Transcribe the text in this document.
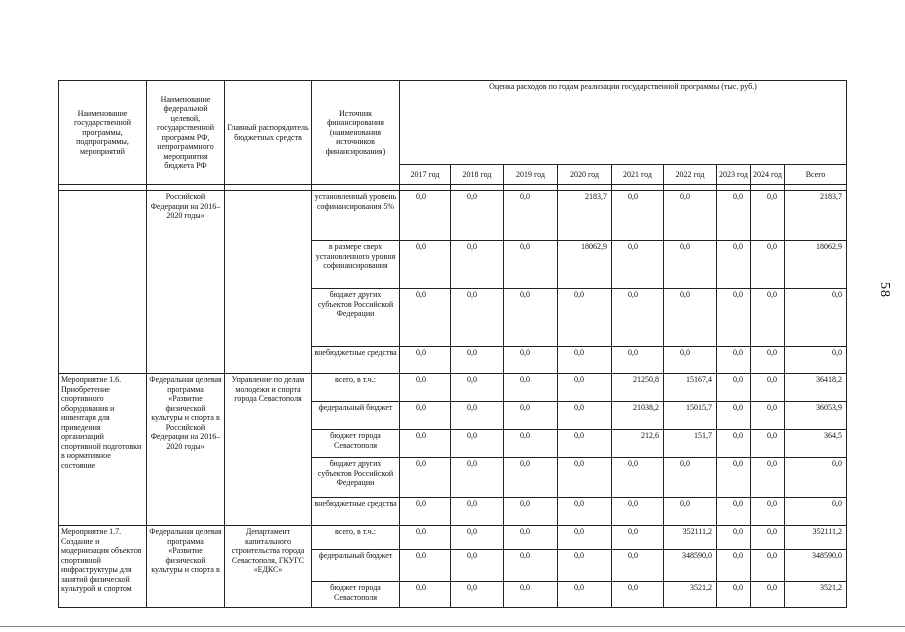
58
Наименование государственной программы, подпрограммы, мероприятий	Наименование федеральной целевой, государственной программ РФ, непрограммного мероприятия бюджета РФ	Главный распорядитель бюджетных средств	Источник финансирования (наименования источников финансирования)	Оценка расходов по годам реализации государственной программы (тыс. руб.)								
				2017 год	2018 год	2019 год	2020 год	2021 год	2022 год	2023 год	2024 год	Всего

	Российской Федерации на 2016–2020 годы»		установленный уровень софинансирования 5%	0,0	0,0	0,0	2183,7	0,0	0,0	0,0	0,0	2183,7
			в размере сверх установленного уровня софинансирования	0,0	0,0	0,0	18062,9	0,0	0,0	0,0	0,0	18062,9
			бюджет других субъектов Российской Федерации	0,0	0,0	0,0	0,0	0,0	0,0	0,0	0,0	0,0
			внебюджетные средства	0,0	0,0	0,0	0,0	0,0	0,0	0,0	0,0	0,0
Мероприятие 1.6. Приобретение спортивного оборудования и инвентаря для приведения организаций спортивной подготовки в нормативное состояние	Федеральная целевая программа «Развитие физической культуры и спорта в Российской Федерации на 2016–2020 годы»	Управление по делам молодежи и спорта города Севастополя	всего, в т.ч.:	0,0	0,0	0,0	0,0	21250,8	15167,4	0,0	0,0	36418,2
			федеральный бюджет	0,0	0,0	0,0	0,0	21038,2	15015,7	0,0	0,0	36053,9
			бюджет города Севастополя	0,0	0,0	0,0	0,0	212,6	151,7	0,0	0,0	364,5
			бюджет других субъектов Российской Федерации	0,0	0,0	0,0	0,0	0,0	0,0	0,0	0,0	0,0
			внебюджетные средства	0,0	0,0	0,0	0,0	0,0	0,0	0,0	0,0	0,0
Мероприятие 1.7. Создание и модернизация объектов спортивной инфраструктуры для занятий физической культурой и спортом	Федеральная целевая программа «Развитие физической культуры и спорта в	Департамент капитального строительства города Севастополя, ГКУГС «ЕДКС»	всего, в т.ч.:	0,0	0,0	0,0	0,0	0,0	352111,2	0,0	0,0	352111,2
			федеральный бюджет	0,0	0,0	0,0	0,0	0,0	348590,0	0,0	0,0	348590,0
			бюджет города Севастополя	0,0	0,0	0,0	0,0	0,0	3521,2	0,0	0,0	3521,2
